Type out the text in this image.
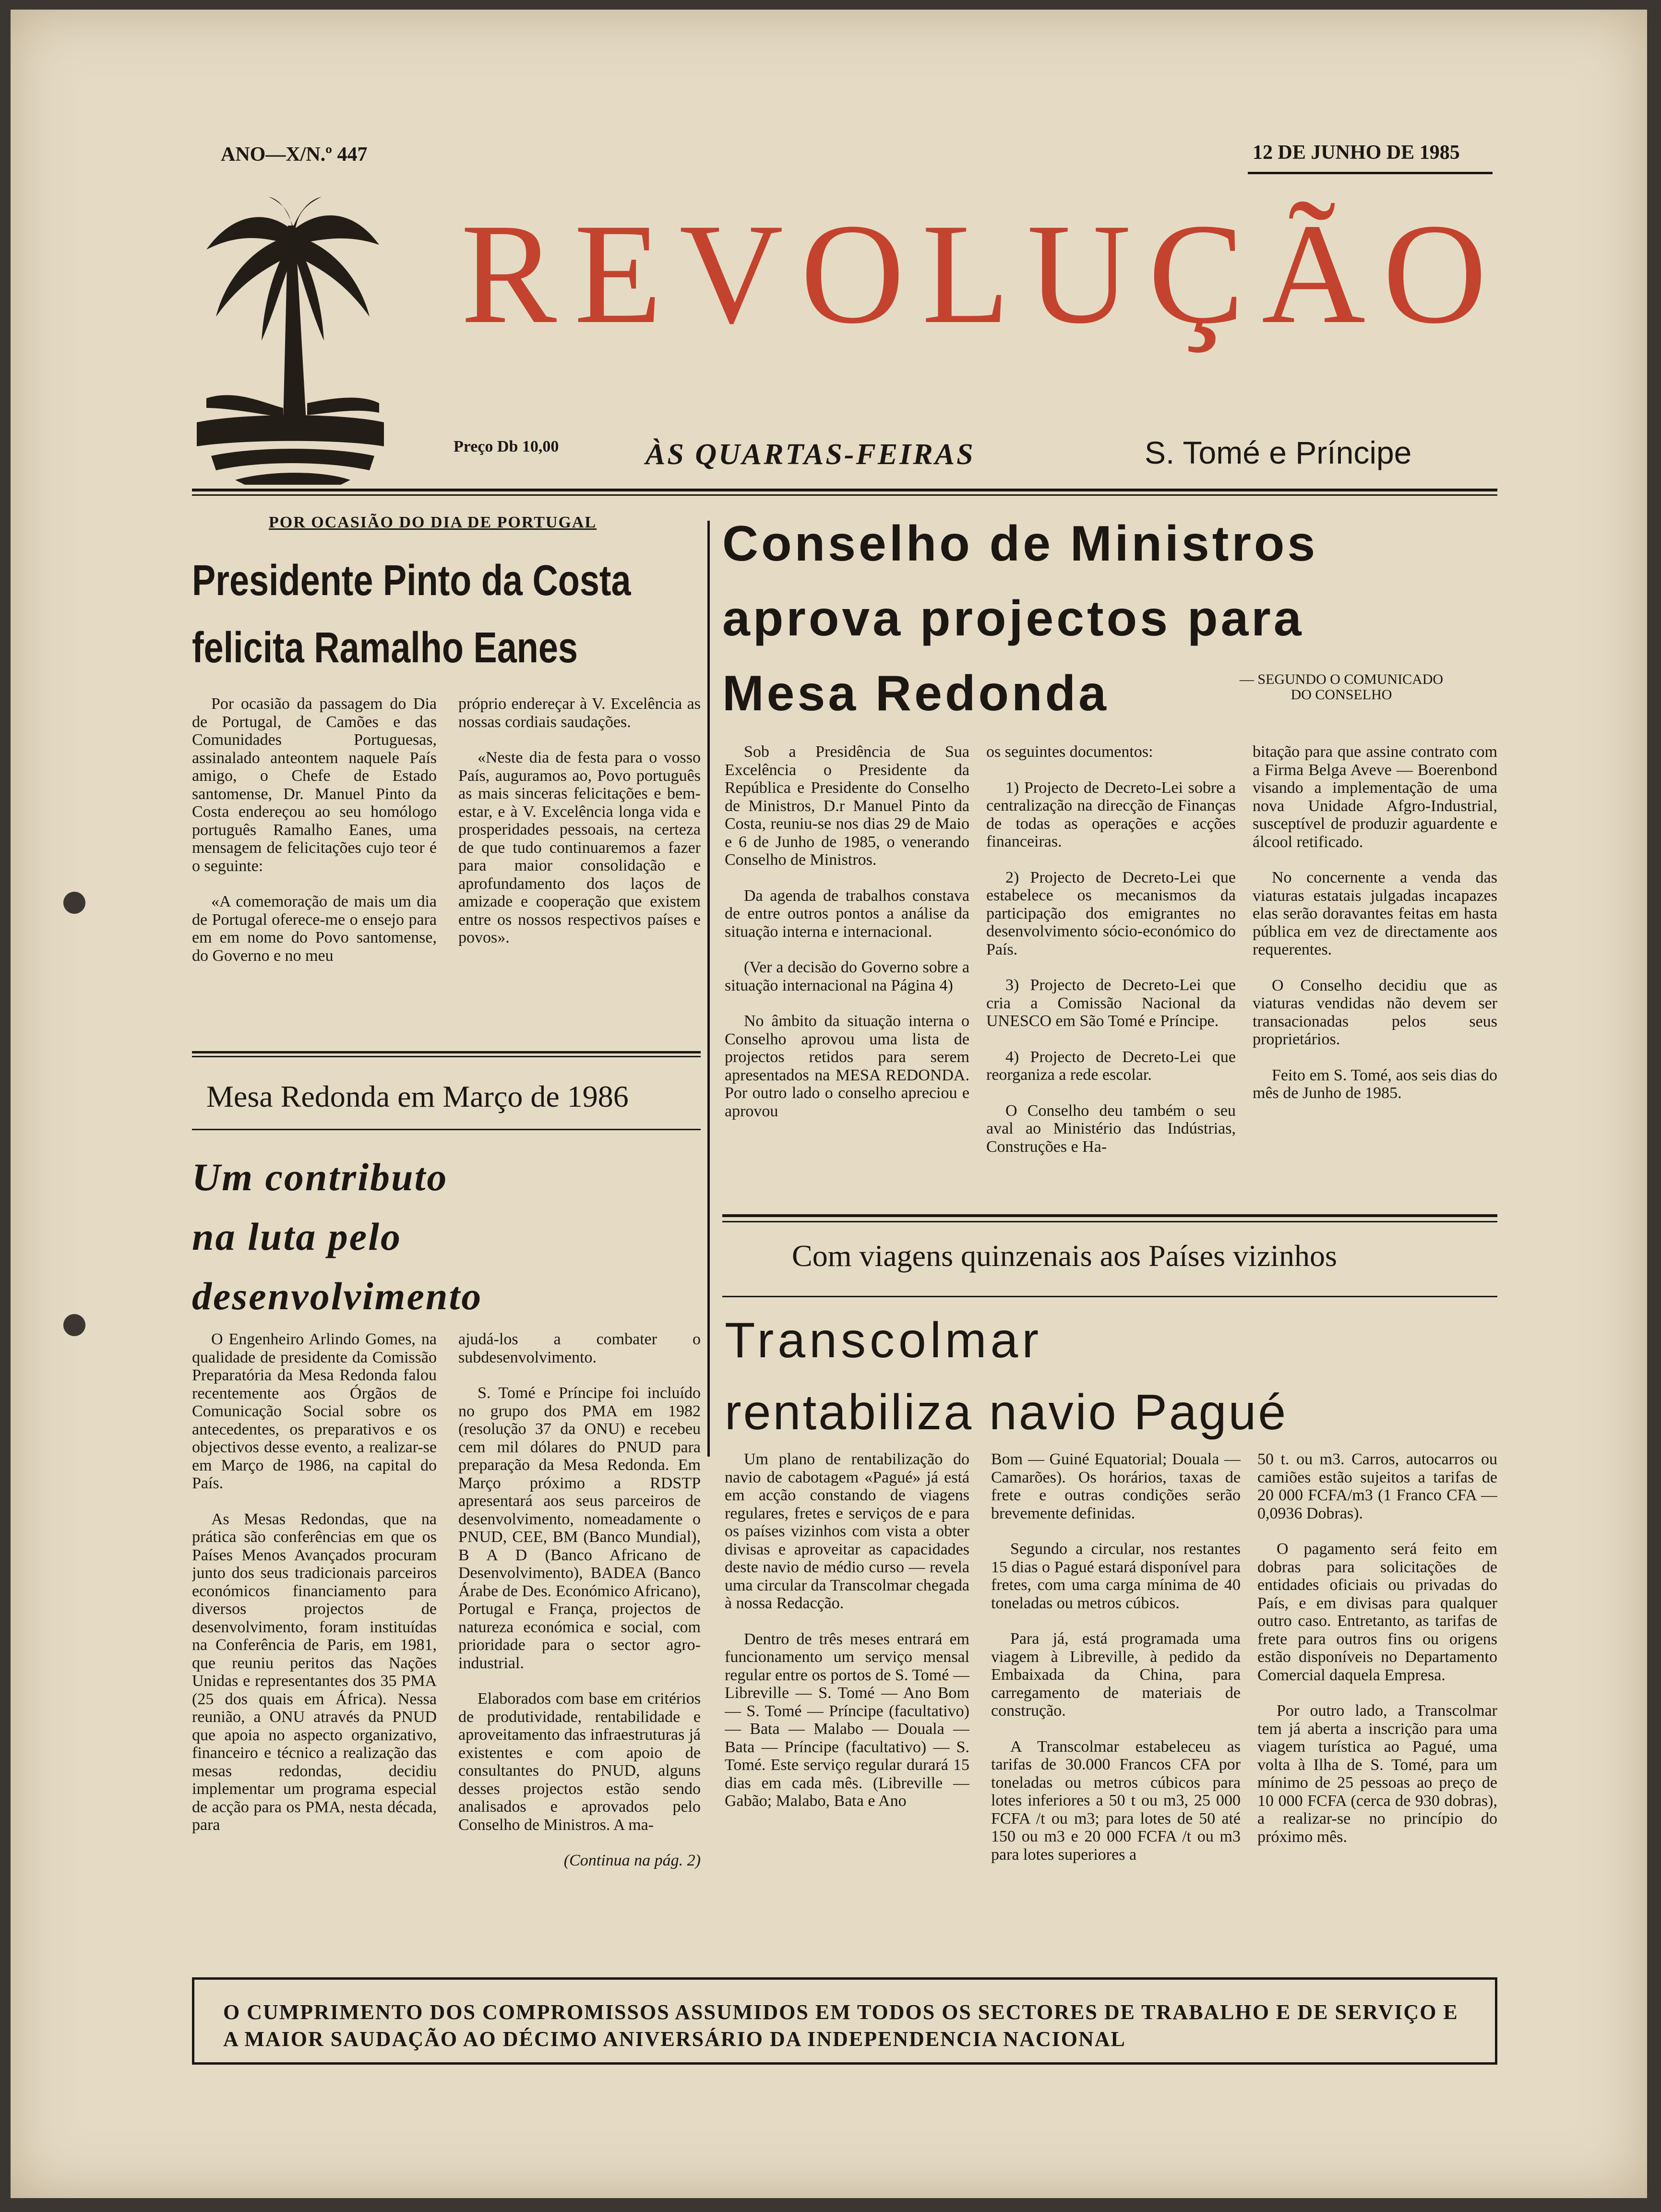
ANO—X/N.º 447	12 DE JUNHO DE 1985
REVOLUÇÃO
Preço Db 10,00	ÀS QUARTAS-FEIRAS	S. Tomé e Príncipe
POR OCASIÃO DO DIA DE PORTUGAL
Presidente Pinto da Costa
felicita Ramalho Eanes

Por ocasião da passagem do Dia de Portugal, de Camões e das Comunidades Portuguesas, assinalado anteontem naquele País amigo, o Chefe de Estado santomense, Dr. Manuel Pinto da Costa endereçou ao seu homólogo português Ramalho Eanes, uma mensagem de felicitações cujo teor é o seguinte:

«A comemoração de mais um dia de Portugal oferece-me o ensejo para em em nome do Povo santomense, do Governo e no meu

próprio endereçar à V. Excelência as nossas cordiais saudações.

«Neste dia de festa para o vosso País, auguramos ao, Povo português as mais sinceras felicitações e bem-estar, e à V. Excelência longa vida e prosperidades pessoais, na certeza de que tudo continuaremos a fazer para maior consolidação e aprofundamento dos laços de amizade e cooperação que existem entre os nossos respectivos países e povos».

Mesa Redonda em Março de 1986
Um contributo
na luta pelo
desenvolvimento

O Engenheiro Arlindo Gomes, na qualidade de presidente da Comissão Preparatória da Mesa Redonda falou recentemente aos Órgãos de Comunicação Social sobre os antecedentes, os preparativos e os objectivos desse evento, a realizar-se em Março de 1986, na capital do País.

As Mesas Redondas, que na prática são conferências em que os Países Menos Avançados procuram junto dos seus tradicionais parceiros económicos financiamento para diversos projectos de desenvolvimento, foram instituídas na Conferência de Paris, em 1981, que reuniu peritos das Nações Unidas e representantes dos 35 PMA (25 dos quais em África). Nessa reunião, a ONU através da PNUD que apoia no aspecto organizativo, financeiro e técnico a realização das mesas redondas, decidiu implementar um programa especial de acção para os PMA, nesta década, para

ajudá-los a combater o subdesenvolvimento.

S. Tomé e Príncipe foi incluído no grupo dos PMA em 1982 (resolução 37 da ONU) e recebeu cem mil dólares do PNUD para preparação da Mesa Redonda. Em Março próximo a RDSTP apresentará aos seus parceiros de desenvolvimento, nomeadamente o PNUD, CEE, BM (Banco Mundial), B A D (Banco Africano de Desenvolvimento), BADEA (Banco Árabe de Des. Económico Africano), Portugal e França, projectos de natureza económica e social, com prioridade para o sector agro-industrial.

Elaborados com base em critérios de produtividade, rentabilidade e aproveitamento das infraestruturas já existentes e com apoio de consultantes do PNUD, alguns desses projectos estão sendo analisados e aprovados pelo Conselho de Ministros. A ma-

(Continua na pág. 2)

Conselho de Ministros
aprova projectos para
Mesa Redonda	— SEGUNDO O COMUNICADO DO CONSELHO

Sob a Presidência de Sua Excelência o Presidente da República e Presidente do Conselho de Ministros, D.r Manuel Pinto da Costa, reuniu-se nos dias 29 de Maio e 6 de Junho de 1985, o venerando Conselho de Ministros.

Da agenda de trabalhos constava de entre outros pontos a análise da situação interna e internacional.

(Ver a decisão do Governo sobre a situação internacional na Página 4)

No âmbito da situação interna o Conselho aprovou uma lista de projectos retidos para serem apresentados na MESA REDONDA. Por outro lado o conselho apreciou e aprovou

os seguintes documentos:

1) Projecto de Decreto-Lei sobre a centralização na direcção de Finanças de todas as operações e acções financeiras.

2) Projecto de Decreto-Lei que estabelece os mecanismos da participação dos emigrantes no desenvolvimento sócio-económico do País.

3) Projecto de Decreto-Lei que cria a Comissão Nacional da UNESCO em São Tomé e Príncipe.

4) Projecto de Decreto-Lei que reorganiza a rede escolar.

O Conselho deu também o seu aval ao Ministério das Indústrias, Construções e Ha-

bitação para que assine contrato com a Firma Belga Aveve — Boerenbond visando a implementação de uma nova Unidade Afgro-Industrial, susceptível de produzir aguardente e álcool retificado.

No concernente a venda das viaturas estatais julgadas incapazes elas serão doravantes feitas em hasta pública em vez de directamente aos requerentes.

O Conselho decidiu que as viaturas vendidas não devem ser transacionadas pelos seus proprietários.

Feito em S. Tomé, aos seis dias do mês de Junho de 1985.

Com viagens quinzenais aos Países vizinhos
Transcolmar
rentabiliza navio Pagué

Um plano de rentabilização do navio de cabotagem «Pagué» já está em acção constando de viagens regulares, fretes e serviços de e para os países vizinhos com vista a obter divisas e aproveitar as capacidades deste navio de médio curso — revela uma circular da Transcolmar chegada à nossa Redacção.

Dentro de três meses entrará em funcionamento um serviço mensal regular entre os portos de S. Tomé — Libreville — S. Tomé — Ano Bom — S. Tomé — Príncipe (facultativo) — Bata — Malabo — Douala — Bata — Príncipe (facultativo) — S. Tomé. Este serviço regular durará 15 dias em cada mês. (Libreville — Gabão; Malabo, Bata e Ano

Bom — Guiné Equatorial; Douala — Camarões). Os horários, taxas de frete e outras condições serão brevemente definidas.

Segundo a circular, nos restantes 15 dias o Pagué estará disponível para fretes, com uma carga mínima de 40 toneladas ou metros cúbicos.

Para já, está programada uma viagem à Libreville, à pedido da Embaixada da China, para carregamento de materiais de construção.

A Transcolmar estabeleceu as tarifas de 30.000 Francos CFA por toneladas ou metros cúbicos para lotes inferiores a 50 t ou m3, 25 000 FCFA /t ou m3; para lotes de 50 até 150 ou m3 e 20 000 FCFA /t ou m3 para lotes superiores a

50 t. ou m3. Carros, autocarros ou camiões estão sujeitos a tarifas de 20 000 FCFA/m3 (1 Franco CFA — 0,0936 Dobras).

O pagamento será feito em dobras para solicitações de entidades oficiais ou privadas do País, e em divisas para qualquer outro caso. Entretanto, as tarifas de frete para outros fins ou origens estão disponíveis no Departamento Comercial daquela Empresa.

Por outro lado, a Transcolmar tem já aberta a inscrição para uma viagem turística ao Pagué, uma volta à Ilha de S. Tomé, para um mínimo de 25 pessoas ao preço de 10 000 FCFA (cerca de 930 dobras), a realizar-se no princípio do próximo mês.

O CUMPRIMENTO DOS COMPROMISSOS ASSUMIDOS EM TODOS OS SECTORES DE TRABALHO E DE SERVIÇO E A MAIOR SAUDAÇÃO AO DÉCIMO ANIVERSÁRIO DA INDEPENDENCIA NACIONAL
